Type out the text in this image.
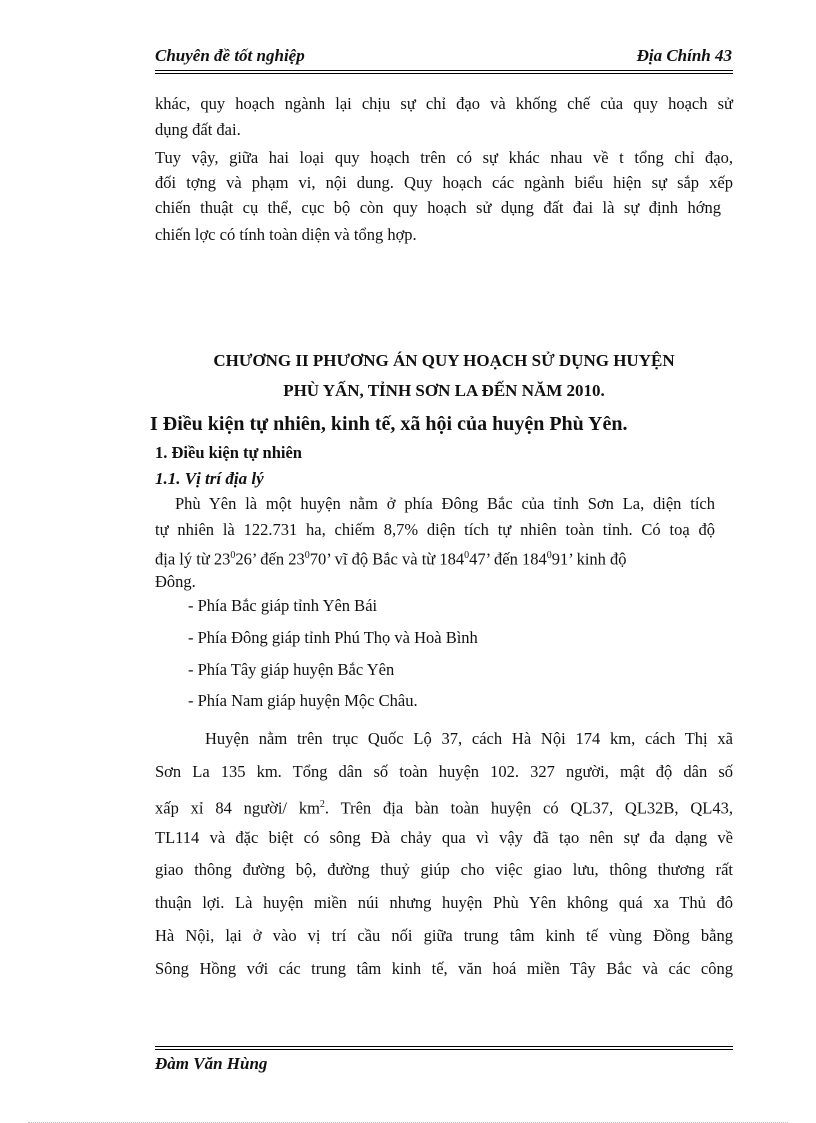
Chuyên đề tốt nghiệp	Địa Chính 43
khác, quy hoạch ngành lại chịu sự chỉ đạo và khống chế của quy hoạch sử
dụng đất đai.
Tuy vậy, giữa hai loại quy hoạch trên có sự khác nhau về t tổng chỉ đạo,
đối tợng và phạm vi, nội dung. Quy hoạch các ngành biểu hiện sự sắp xếp
chiến thuật cụ thể, cục bộ còn quy hoạch sử dụng đất đai là sự định hớng
chiến lợc có tính toàn diện và tổng hợp.
CHƯƠNG II PHƯƠNG ÁN QUY HOẠCH SỬ DỤNG HUYỆN
PHÙ YẤN, TỈNH SƠN LA ĐẾN NĂM 2010.
I Điều kiện tự nhiên, kinh tế, xã hội của huyện Phù Yên.
1. Điều kiện tự nhiên
1.1. Vị trí địa lý
Phù Yên là một huyện nằm ở phía Đông Bắc của tỉnh Sơn La, diện tích
tự nhiên là 122.731 ha, chiếm 8,7% diện tích tự nhiên toàn tỉnh. Có toạ độ
địa lý từ $23^026$’ đến $23^070$’ vĩ độ Bắc và từ $184^047$’ đến $184^091$’ kinh độ
Đông.
- Phía Bắc giáp tỉnh Yên Bái
- Phía Đông giáp tỉnh Phú Thọ và Hoà Bình
- Phía Tây giáp huyện Bắc Yên
- Phía Nam giáp huyện Mộc Châu.
Huyện nằm trên trục Quốc Lộ 37, cách Hà Nội 174 km, cách Thị xã
Sơn La 135 km. Tổng dân số toàn huyện 102. 327 người, mật độ dân số
xấp xỉ 84 người/ $km^2$. Trên địa bàn toàn huyện có QL37, QL32B, QL43,
TL114 và đặc biệt có sông Đà chảy qua vì vậy đã tạo nên sự đa dạng về
giao thông đường bộ, đường thuỷ giúp cho việc giao lưu, thông thương rất
thuận lợi. Là huyện miền núi nhưng huyện Phù Yên không quá xa Thủ đô
Hà Nội, lại ở vào vị trí cầu nối giữa trung tâm kinh tế vùng Đồng bằng
Sông Hồng với các trung tâm kinh tế, văn hoá miền Tây Bắc và các công
Đàm Văn Hùng
